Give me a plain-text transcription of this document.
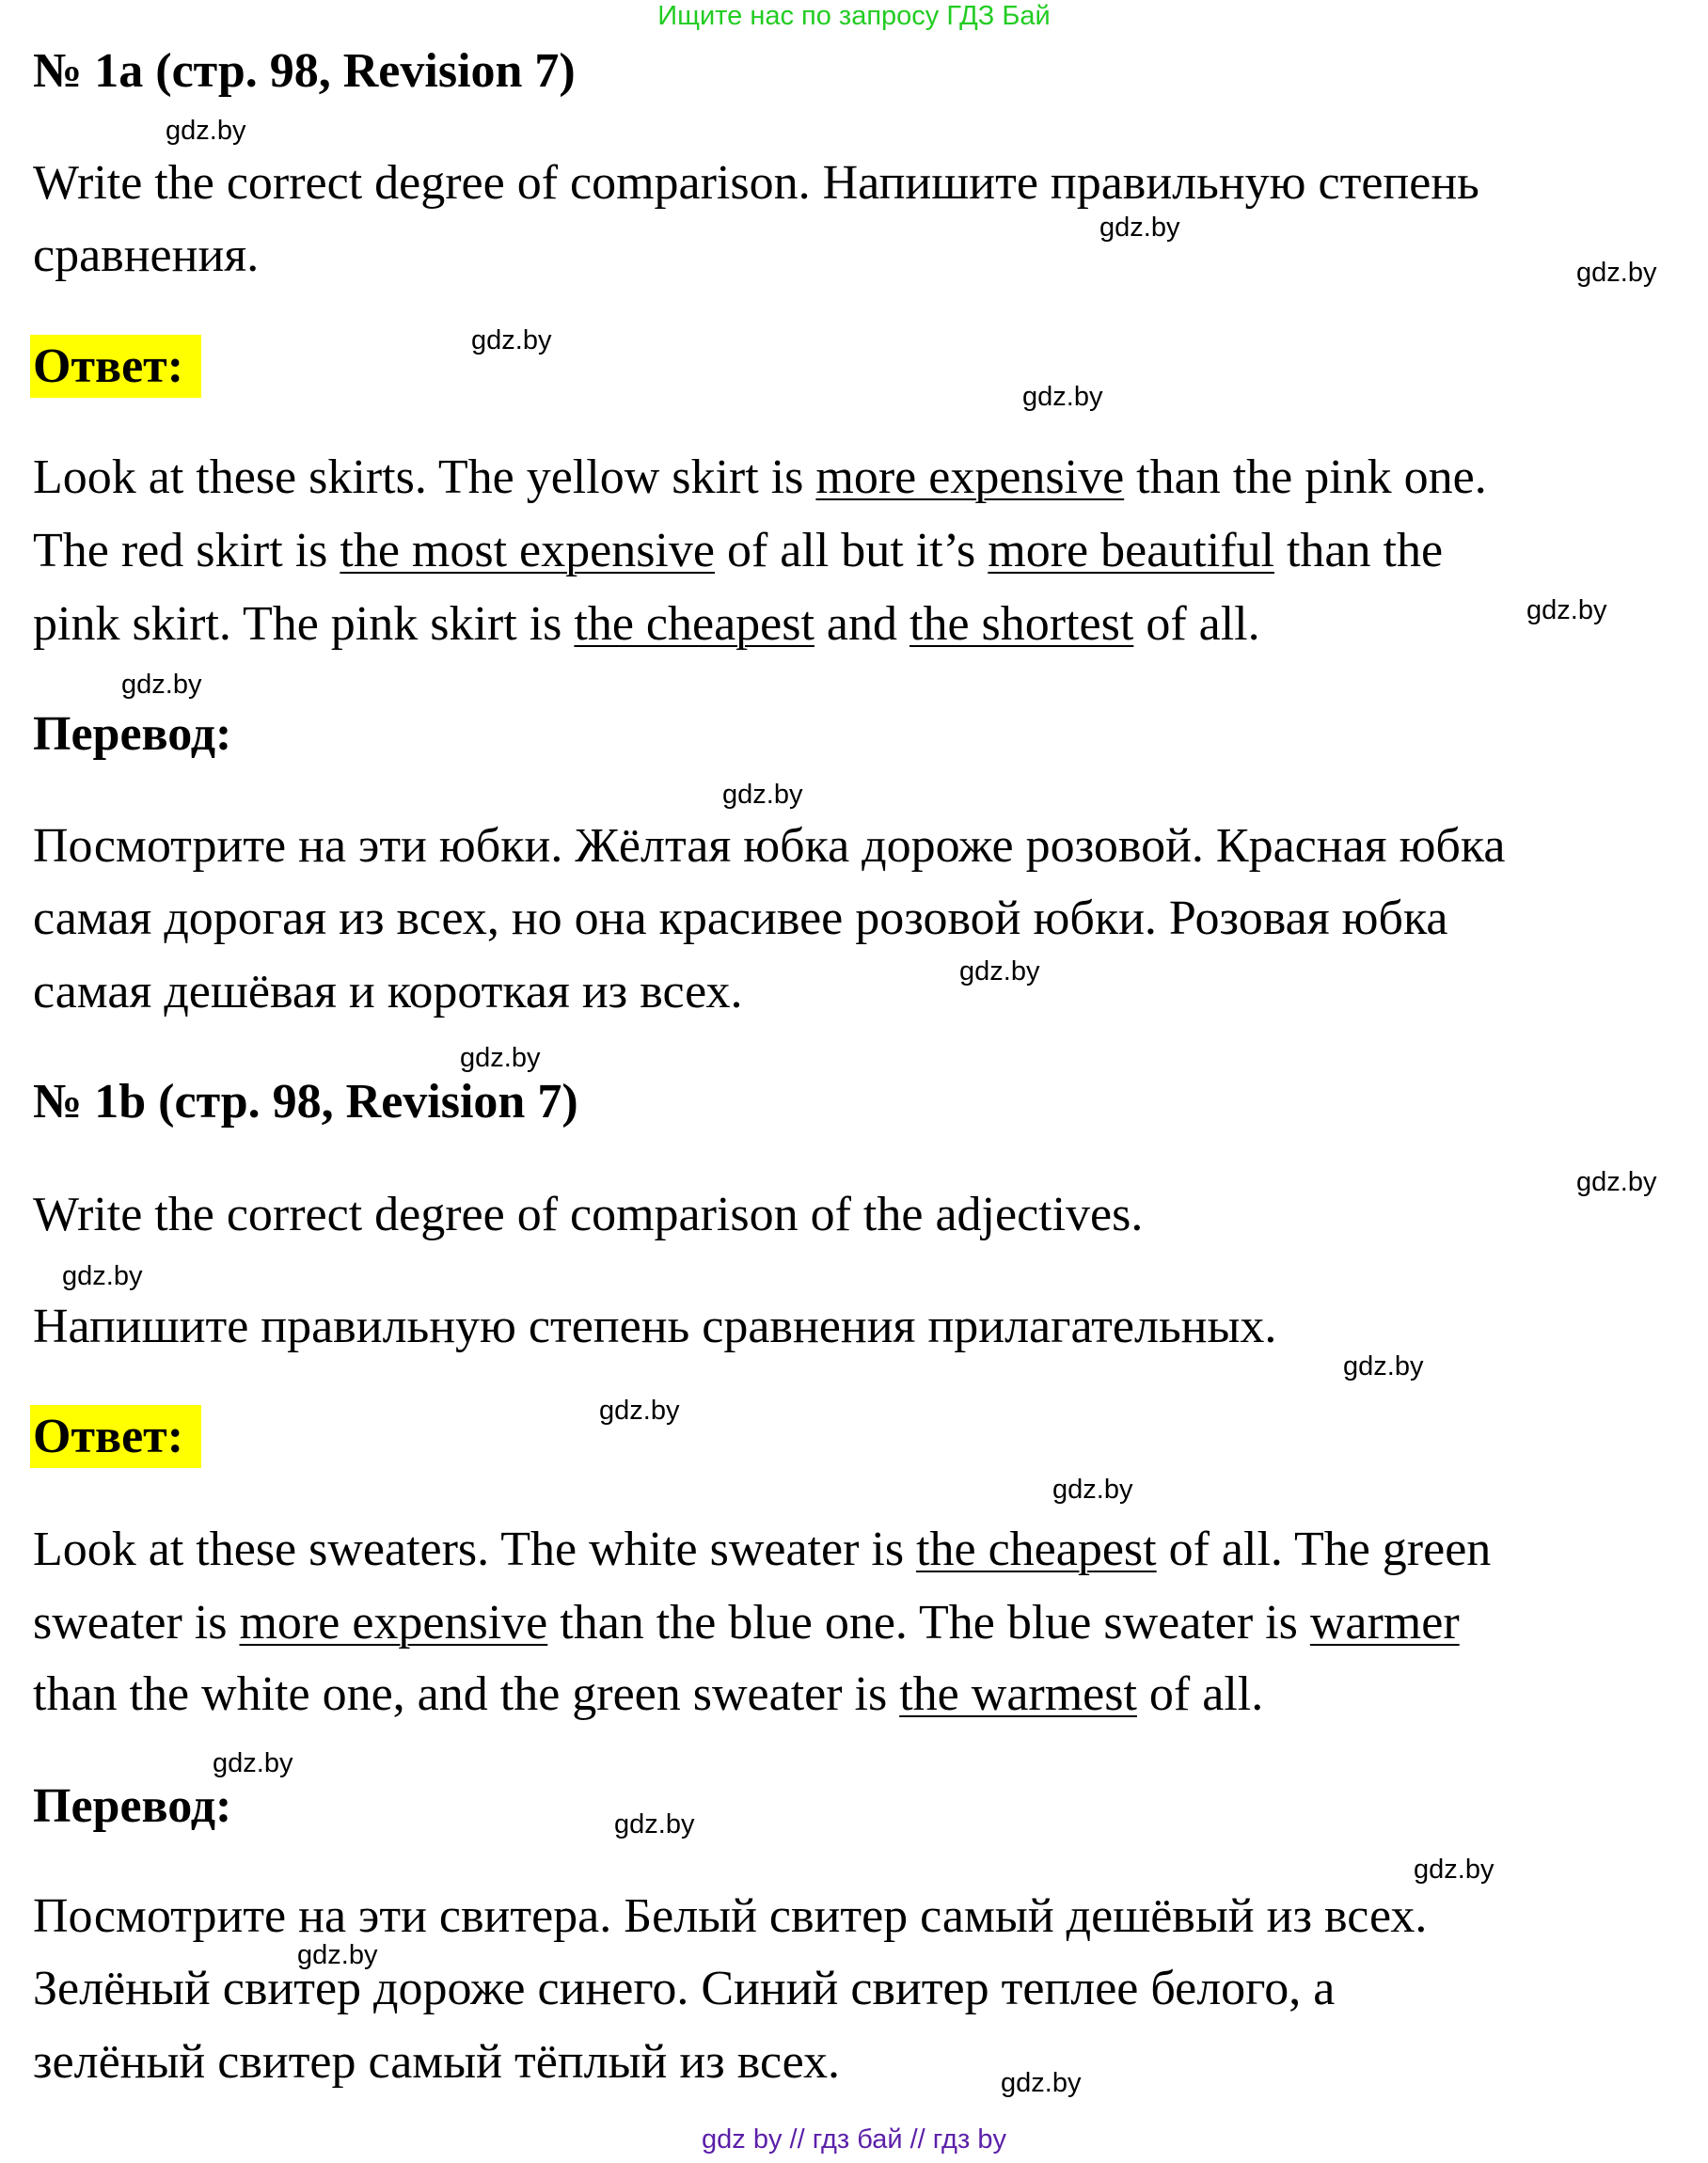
Ищите нас по запросу ГДЗ Бай
№ 1a (стр. 98, Revision 7)
Write the correct degree of comparison. Напишите правильную степень
сравнения.
Ответ:
Look at these skirts. The yellow skirt is more expensive than the pink one.
The red skirt is the most expensive of all but it’s more beautiful than the
pink skirt. The pink skirt is the cheapest and the shortest of all.
Перевод:
Посмотрите на эти юбки. Жёлтая юбка дороже розовой. Красная юбка
самая дорогая из всех, но она красивее розовой юбки. Розовая юбка
самая дешёвая и короткая из всех.
№ 1b (стр. 98, Revision 7)
Write the correct degree of comparison of the adjectives.
Напишите правильную степень сравнения прилагательных.
Ответ:
Look at these sweaters. The white sweater is the cheapest of all. The green
sweater is more expensive than the blue one. The blue sweater is warmer
than the white one, and the green sweater is the warmest of all.
Перевод:
Посмотрите на эти свитера. Белый свитер самый дешёвый из всех.
Зелёный свитер дороже синего. Синий свитер теплее белого, а
зелёный свитер самый тёплый из всех.
gdz.by
gdz.by
gdz.by
gdz.by
gdz.by
gdz.by
gdz.by
gdz.by
gdz.by
gdz.by
gdz.by
gdz.by
gdz.by
gdz.by
gdz.by
gdz.by
gdz.by
gdz.by
gdz.by
gdz.by
gdz by // гдз бай // гдз by
